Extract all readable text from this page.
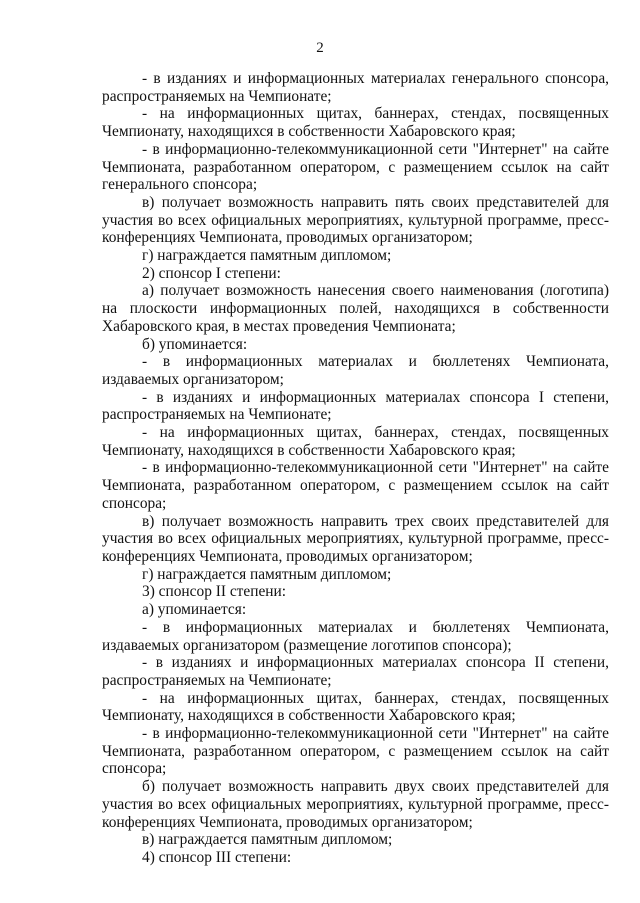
2

- в изданиях и информационных материалах генерального спонсора, распространяемых на Чемпионате;

- на информационных щитах, баннерах, стендах, посвященных Чемпионату, находящихся в собственности Хабаровского края;

- в информационно-телекоммуникационной сети "Интернет" на сайте Чемпионата, разработанном оператором, с размещением ссылок на сайт генерального спонсора;

в) получает возможность направить пять своих представителей для участия во всех официальных мероприятиях, культурной программе, пресс-конференциях Чемпионата, проводимых организатором;

г) награждается памятным дипломом;

2) спонсор I степени:

а) получает возможность нанесения своего наименования (логотипа) на плоскости информационных полей, находящихся в собственности Хабаровского края, в местах проведения Чемпионата;

б) упоминается:

- в информационных материалах и бюллетенях Чемпионата, издаваемых организатором;

- в изданиях и информационных материалах спонсора I степени, распространяемых на Чемпионате;

- на информационных щитах, баннерах, стендах, посвященных Чемпионату, находящихся в собственности Хабаровского края;

- в информационно-телекоммуникационной сети "Интернет" на сайте Чемпионата, разработанном оператором, с размещением ссылок на сайт спонсора;

в) получает возможность направить трех своих представителей для участия во всех официальных мероприятиях, культурной программе, пресс-конференциях Чемпионата, проводимых организатором;

г) награждается памятным дипломом;

3) спонсор II степени:

а) упоминается:

- в информационных материалах и бюллетенях Чемпионата, издаваемых организатором (размещение логотипов спонсора);

- в изданиях и информационных материалах спонсора II степени, распространяемых на Чемпионате;

- на информационных щитах, баннерах, стендах, посвященных Чемпионату, находящихся в собственности Хабаровского края;

- в информационно-телекоммуникационной сети "Интернет" на сайте Чемпионата, разработанном оператором, с размещением ссылок на сайт спонсора;

б) получает возможность направить двух своих представителей для участия во всех официальных мероприятиях, культурной программе, пресс-конференциях Чемпионата, проводимых организатором;

в) награждается памятным дипломом;

4) спонсор III степени:
